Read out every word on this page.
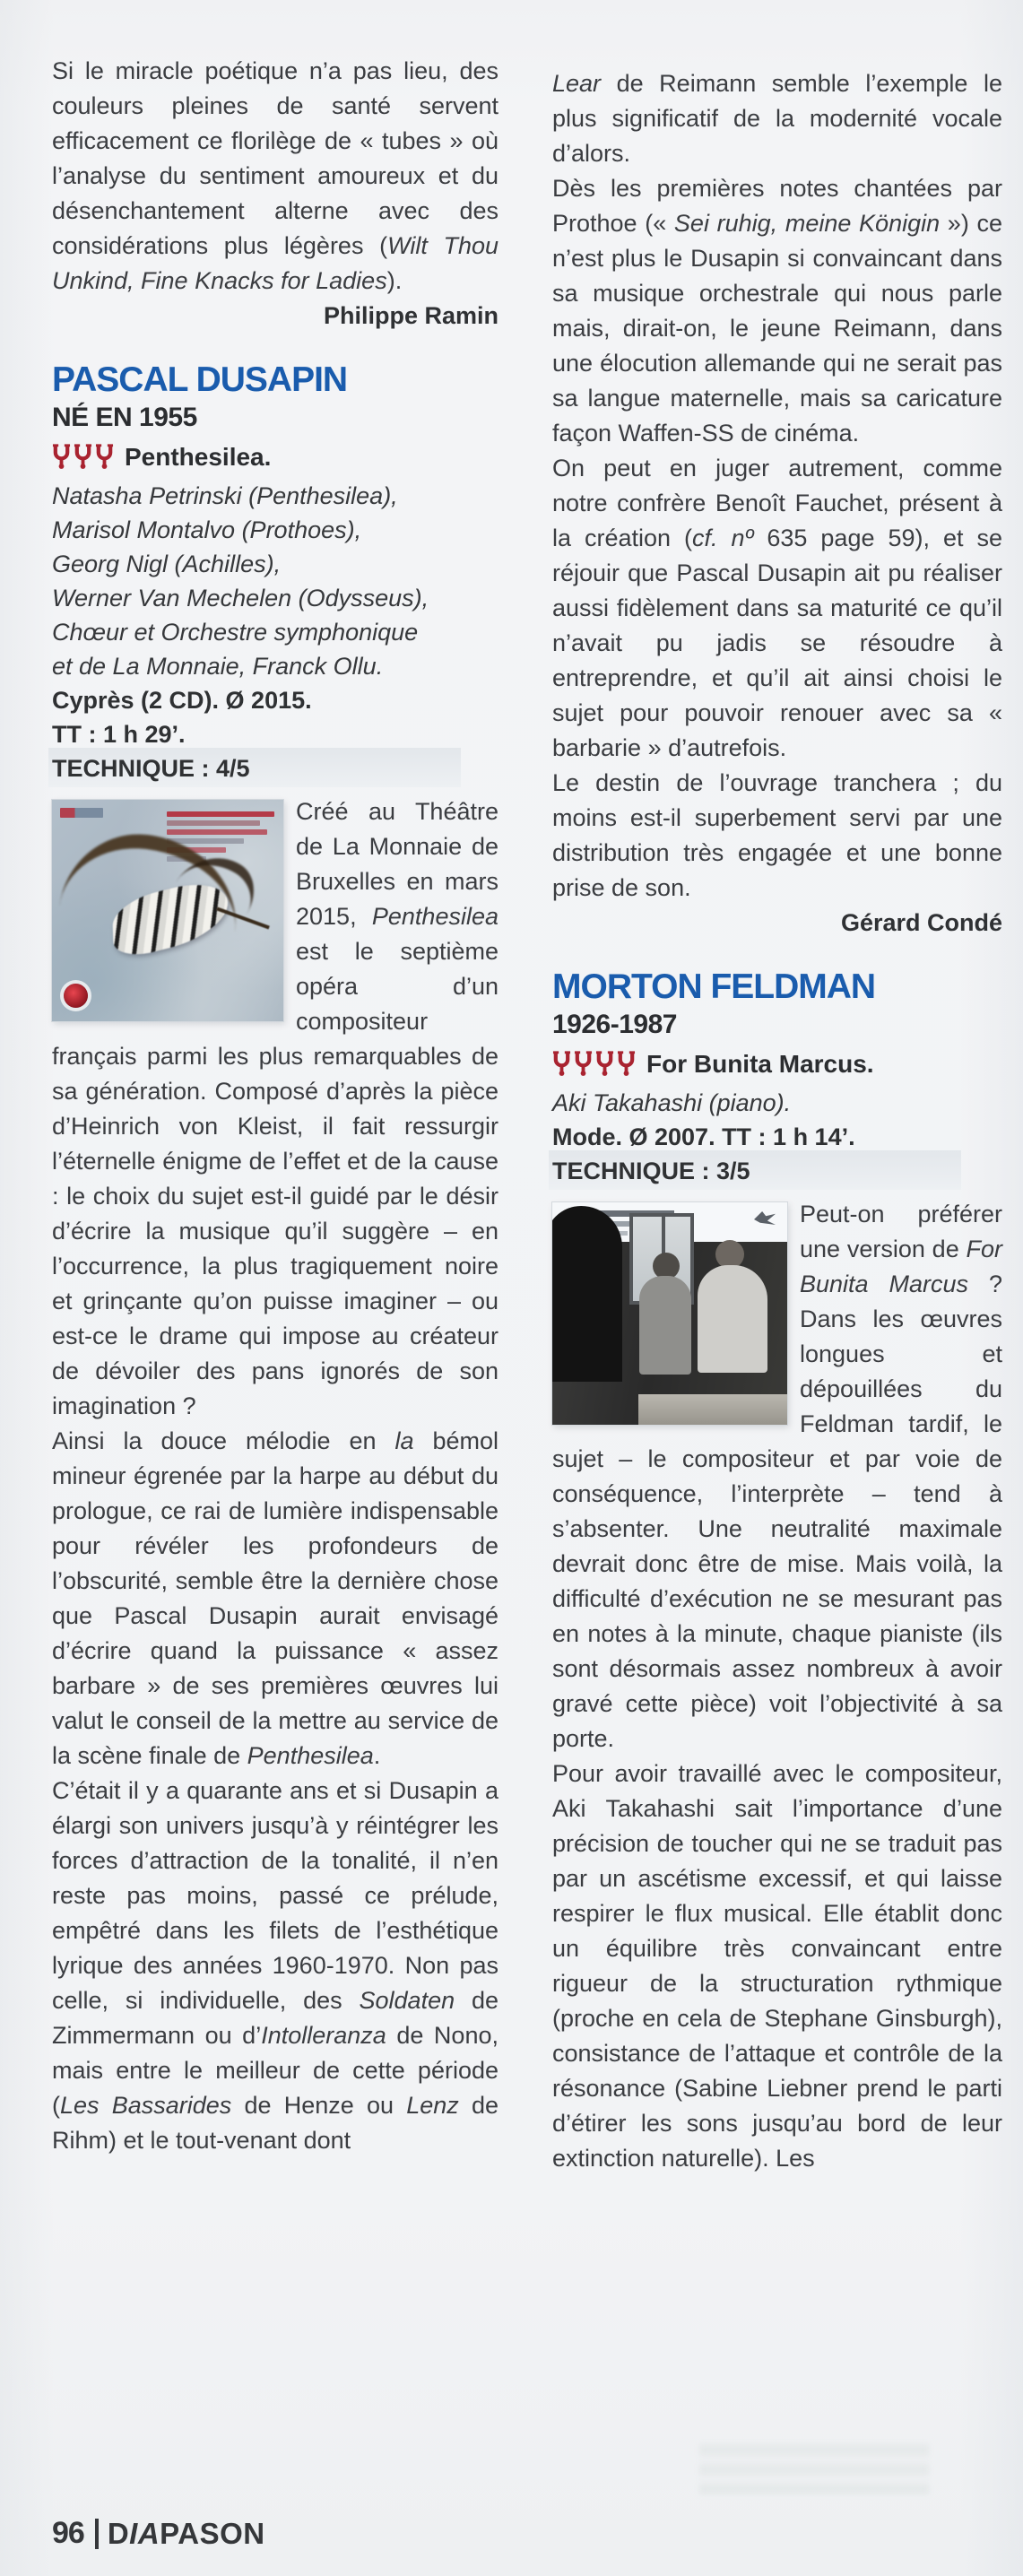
Si le miracle poétique n’a pas lieu, des couleurs pleines de santé servent efficacement ce florilège de « tubes » où l’analyse du sentiment amoureux et du désenchantement alterne avec des considérations plus légères (Wilt Thou Unkind, Fine Knacks for Ladies).

Philippe Ramin

PASCAL DUSAPIN
NÉ EN 1955
Penthesilea.
Natasha Petrinski (Penthesilea),
Marisol Montalvo (Prothoes),
Georg Nigl (Achilles),
Werner Van Mechelen (Odysseus),
Chœur et Orchestre symphonique
et de La Monnaie, Franck Ollu.
Cyprès (2 CD). Ø 2015.
TT : 1 h 29’.
TECHNIQUE : 4/5

Créé au Théâtre de La Monnaie de Bruxelles en mars 2015, Penthesilea est le septième opéra d’un compositeur français parmi les plus remarquables de sa génération. Composé d’après la pièce d’Heinrich von Kleist, il fait ressurgir l’éternelle énigme de l’effet et de la cause : le choix du sujet est-il guidé par le désir d’écrire la musique qu’il suggère – en l’occurrence, la plus tragiquement noire et grinçante qu’on puisse imaginer – ou est-ce le drame qui impose au créateur de dévoiler des pans ignorés de son imagination ?

Ainsi la douce mélodie en la bémol mineur égrenée par la harpe au début du prologue, ce rai de lumière indispensable pour révéler les profondeurs de l’obscurité, semble être la dernière chose que Pascal Dusapin aurait envisagé d’écrire quand la puissance « assez barbare » de ses premières œuvres lui valut le conseil de la mettre au service de la scène finale de Penthesilea.

C’était il y a quarante ans et si Dusapin a élargi son univers jusqu’à y réintégrer les forces d’attraction de la tonalité, il n’en reste pas moins, passé ce prélude, empêtré dans les filets de l’esthétique lyrique des années 1960-1970. Non pas celle, si individuelle, des Soldaten de Zimmermann ou d’Intolleranza de Nono, mais entre le meilleur de cette période (Les Bassarides de Henze ou Lenz de Rihm) et le tout-venant dont

Lear de Reimann semble l’exemple le plus significatif de la modernité vocale d’alors.

Dès les premières notes chantées par Prothoe (« Sei ruhig, meine Königin ») ce n’est plus le Dusapin si convaincant dans sa musique orchestrale qui nous parle mais, dirait-on, le jeune Reimann, dans une élocution allemande qui ne serait pas sa langue maternelle, mais sa caricature façon Waffen-SS de cinéma.

On peut en juger autrement, comme notre confrère Benoît Fauchet, présent à la création (cf. nº 635 page 59), et se réjouir que Pascal Dusapin ait pu réaliser aussi fidèlement dans sa maturité ce qu’il n’avait pu jadis se résoudre à entreprendre, et qu’il ait ainsi choisi le sujet pour pouvoir renouer avec sa « barbarie » d’autrefois.

Le destin de l’ouvrage tranchera ; du moins est-il superbement servi par une distribution très engagée et une bonne prise de son.

Gérard Condé

MORTON FELDMAN
1926-1987
For Bunita Marcus.
Aki Takahashi (piano).
Mode. Ø 2007. TT : 1 h 14’.
TECHNIQUE : 3/5

Peut-on préférer une version de For Bunita Marcus ? Dans les œuvres longues et dépouillées du Feldman tardif, le sujet – le compositeur et par voie de conséquence, l’interprète – tend à s’absenter. Une neutralité maximale devrait donc être de mise. Mais voilà, la difficulté d’exécution ne se mesurant pas en notes à la minute, chaque pianiste (ils sont désormais assez nombreux à avoir gravé cette pièce) voit l’objectivité à sa porte.

Pour avoir travaillé avec le compositeur, Aki Takahashi sait l’importance d’une précision de toucher qui ne se traduit pas par un ascétisme excessif, et qui laisse respirer le flux musical. Elle établit donc un équilibre très convaincant entre rigueur de la structuration rythmique (proche en cela de Stephane Ginsburgh), consistance de l’attaque et contrôle de la résonance (Sabine Liebner prend le parti d’étirer les sons jusqu’au bord de leur extinction naturelle). Les

96 DIAPASON
